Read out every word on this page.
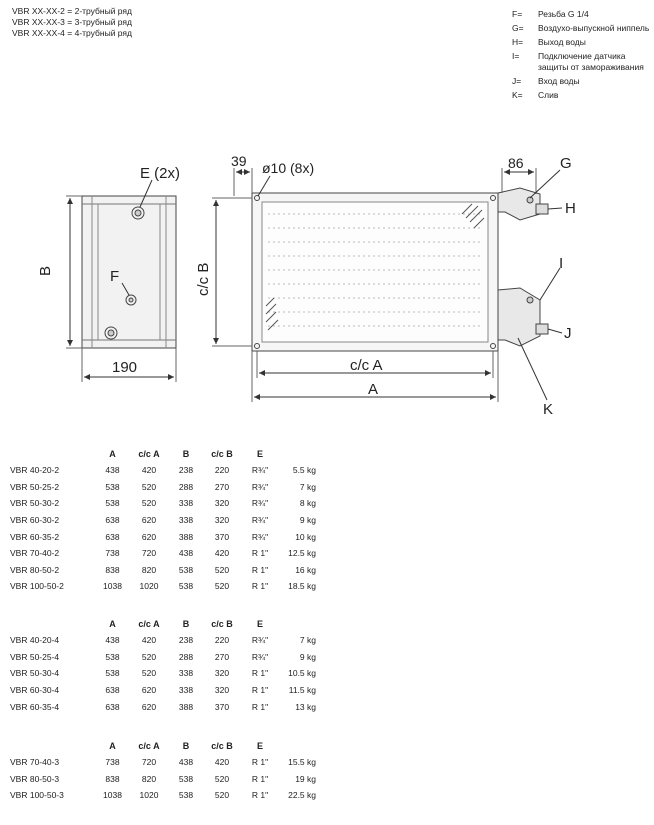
VBR XX-XX-2 = 2-трубный ряд
VBR XX-XX-3 = 3-трубный ряд
VBR XX-XX-4 = 4-трубный ряд
F=	Резьба G 1/4
G=	Воздухо-выпускной ниппель
H=	Выход воды
I=	Подключение датчика защиты от замораживания
J=	Вход воды
K=	Слив
E (2x)
F
B
190
39 ø10 (8x)	86
c/c B
c/c A
A
G
H
I
J
K
	A	c/c A	B	c/c B	E	
VBR 40-20-2	438	420	238	220	R¾"	5.5 kg
VBR 50-25-2	538	520	288	270	R¾"	7 kg
VBR 50-30-2	538	520	338	320	R¾"	8 kg
VBR 60-30-2	638	620	338	320	R¾"	9 kg
VBR 60-35-2	638	620	388	370	R¾"	10 kg
VBR 70-40-2	738	720	438	420	R 1"	12.5 kg
VBR 80-50-2	838	820	538	520	R 1"	16 kg
VBR 100-50-2	1038	1020	538	520	R 1"	18.5 kg
	A	c/c A	B	c/c B	E	
VBR 40-20-4	438	420	238	220	R¾"	7 kg
VBR 50-25-4	538	520	288	270	R¾"	9 kg
VBR 50-30-4	538	520	338	320	R 1"	10.5 kg
VBR 60-30-4	638	620	338	320	R 1"	11.5 kg
VBR 60-35-4	638	620	388	370	R 1"	13 kg
	A	c/c A	B	c/c B	E	
VBR 70-40-3	738	720	438	420	R 1"	15.5 kg
VBR 80-50-3	838	820	538	520	R 1"	19 kg
VBR 100-50-3	1038	1020	538	520	R 1"	22.5 kg
